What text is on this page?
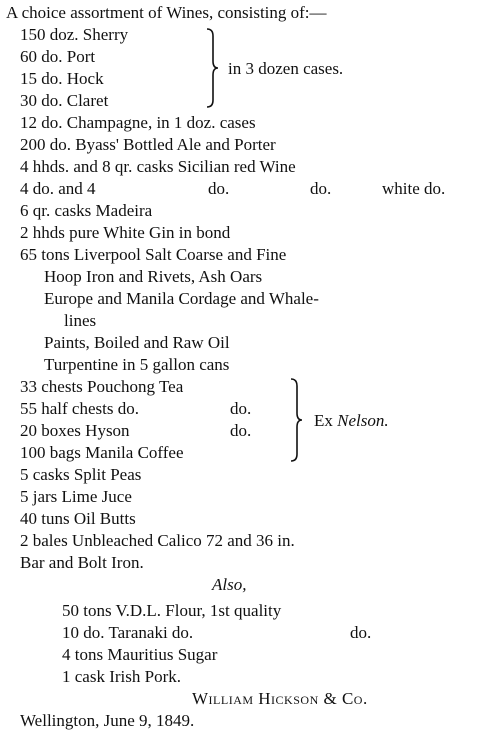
A choice assortment of Wines, consisting of:—
150 doz. Sherry
60 do. Port
15 do. Hock
30 do. Claret
in 3 dozen cases.
12 do. Champagne, in 1 doz. cases
200 do. Byass' Bottled Ale and Porter
4 hhds. and 8 qr. casks Sicilian red Wine
4 do. and 4	do.	do.	white do.
6 qr. casks Madeira
2 hhds pure White Gin in bond
65 tons Liverpool Salt Coarse and Fine
Hoop Iron and Rivets, Ash Oars
Europe and Manila Cordage and Whale-
lines
Paints, Boiled and Raw Oil
Turpentine in 5 gallon cans
33 chests Pouchong Tea
55 half chests do.	do.
20 boxes Hyson	do.
100 bags Manila Coffee
Ex Nelson.
5 casks Split Peas
5 jars Lime Juce
40 tuns Oil Butts
2 bales Unbleached Calico 72 and 36 in.
Bar and Bolt Iron.
Also,
50 tons V.D.L. Flour, 1st quality
10 do. Taranaki do.	do.
4 tons Mauritius Sugar
1 cask Irish Pork.
William Hickson & Co.
Wellington, June 9, 1849.
